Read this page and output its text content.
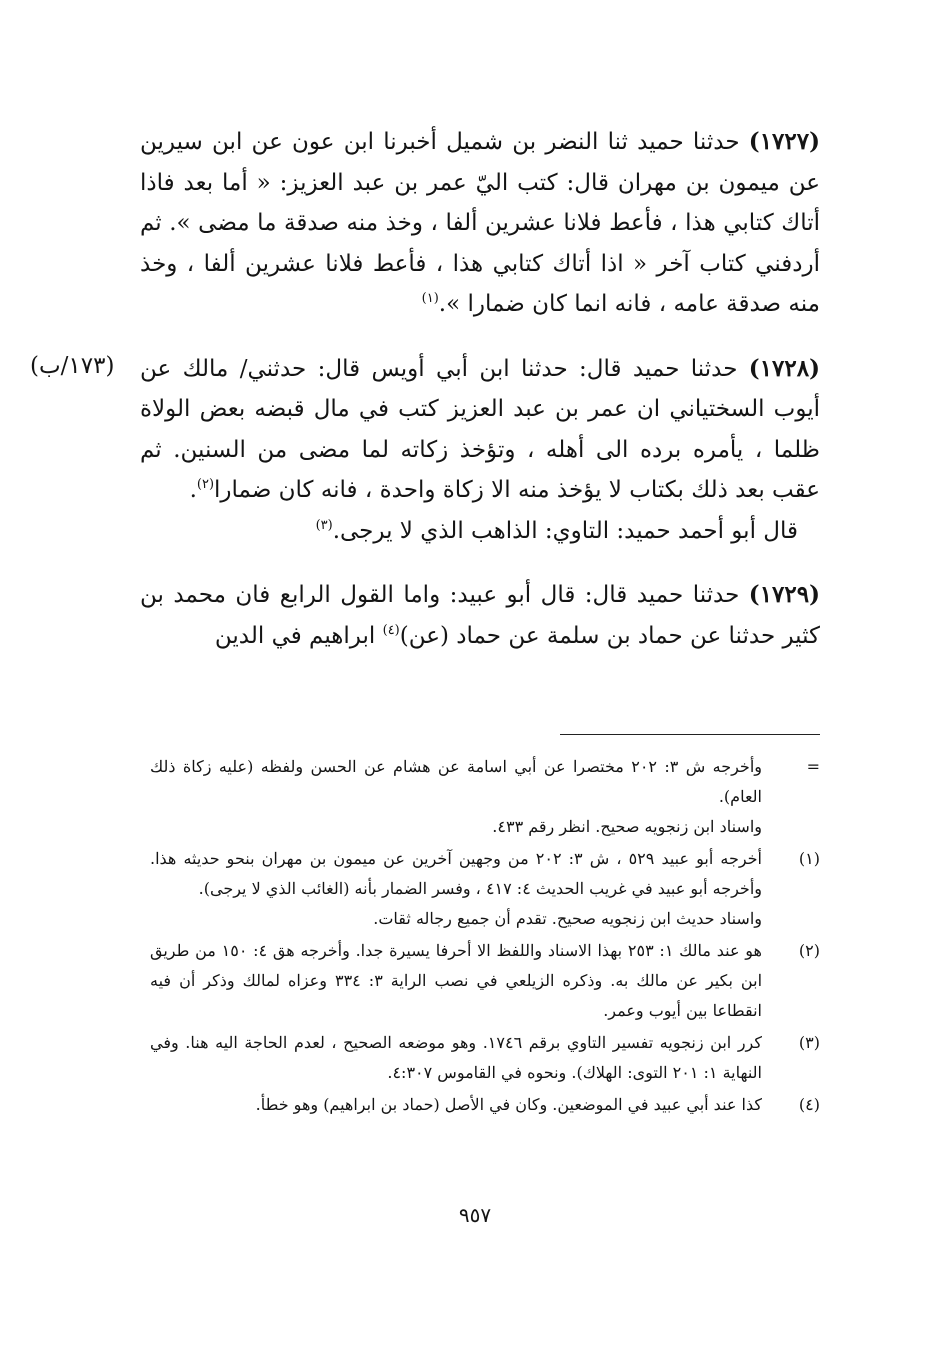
(١٧٢٧) حدثنا حميد ثنا النضر بن شميل أخبرنا ابن عون عن ابن سيرين عن ميمون بن مهران قال: كتب اليّ عمر بن عبد العزيز: « أما بعد فاذا أتاك كتابي هذا ، فأعط فلانا عشرين ألفا ، وخذ منه صدقة ما مضى ». ثم أردفني كتاب آخر « اذا أتاك كتابي هذا ، فأعط فلانا عشرين ألفا ، وخذ منه صدقة عامه ، فانه انما كان ضمارا ».$^{(١)}$

(١٧٢٨) حدثنا حميد قال: حدثنا ابن أبي أويس قال: حدثني/ مالك عن أيوب السختياني ان عمر بن عبد العزيز كتب في مال قبضه بعض الولاة ظلما ، يأمره برده الى أهله ، وتؤخذ زكاته لما مضى من السنين. ثم عقب بعد ذلك بكتاب لا يؤخذ منه الا زكاة واحدة ، فانه كان ضمارا$^{(٢)}$.

قال أبو أحمد حميد: التاوي: الذاهب الذي لا يرجى.$^{(٣)}$

(١٧٢٩) حدثنا حميد قال: قال أبو عبيد: واما القول الرابع فان محمد بن كثير حدثنا عن حماد بن سلمة عن حماد (عن)$^{(٤)}$ ابراهيم في الدين

(١٧٣/ب)
=
وأخرجه ش ٣: ٢٠٢ مختصرا عن أبي اسامة عن هشام عن الحسن ولفظه (عليه زكاة ذلك العام).
واسناد ابن زنجويه صحيح. انظر رقم ٤٣٣.
(١)
أخرجه أبو عبيد ٥٢٩ ، ش ٣: ٢٠٢ من وجهين آخرين عن ميمون بن مهران بنحو حديثه هذا. وأخرجه أبو عبيد في غريب الحديث ٤: ٤١٧ ، وفسر الضمار بأنه (الغائب الذي لا يرجى).
واسناد حديث ابن زنجويه صحيح. تقدم أن جميع رجاله ثقات.
(٢)
هو عند مالك ١: ٢٥٣ بهذا الاسناد واللفظ الا أحرفا يسيرة جدا. وأخرجه هق ٤: ١٥٠ من طريق ابن بكير عن مالك به. وذكره الزيلعي في نصب الراية ٣: ٣٣٤ وعزاه لمالك وذكر أن فيه انقطاعا بين أيوب وعمر.
(٣)
كرر ابن زنجويه تفسير التاوي برقم ١٧٤٦. وهو موضعه الصحيح ، لعدم الحاجة اليه هنا. وفي النهاية ١: ٢٠١ التوى: الهلاك). ونحوه في القاموس ٤:٣٠٧.
(٤)
كذا عند أبي عبيد في الموضعين. وكان في الأصل (حماد بن ابراهيم) وهو خطأ.
٩٥٧
